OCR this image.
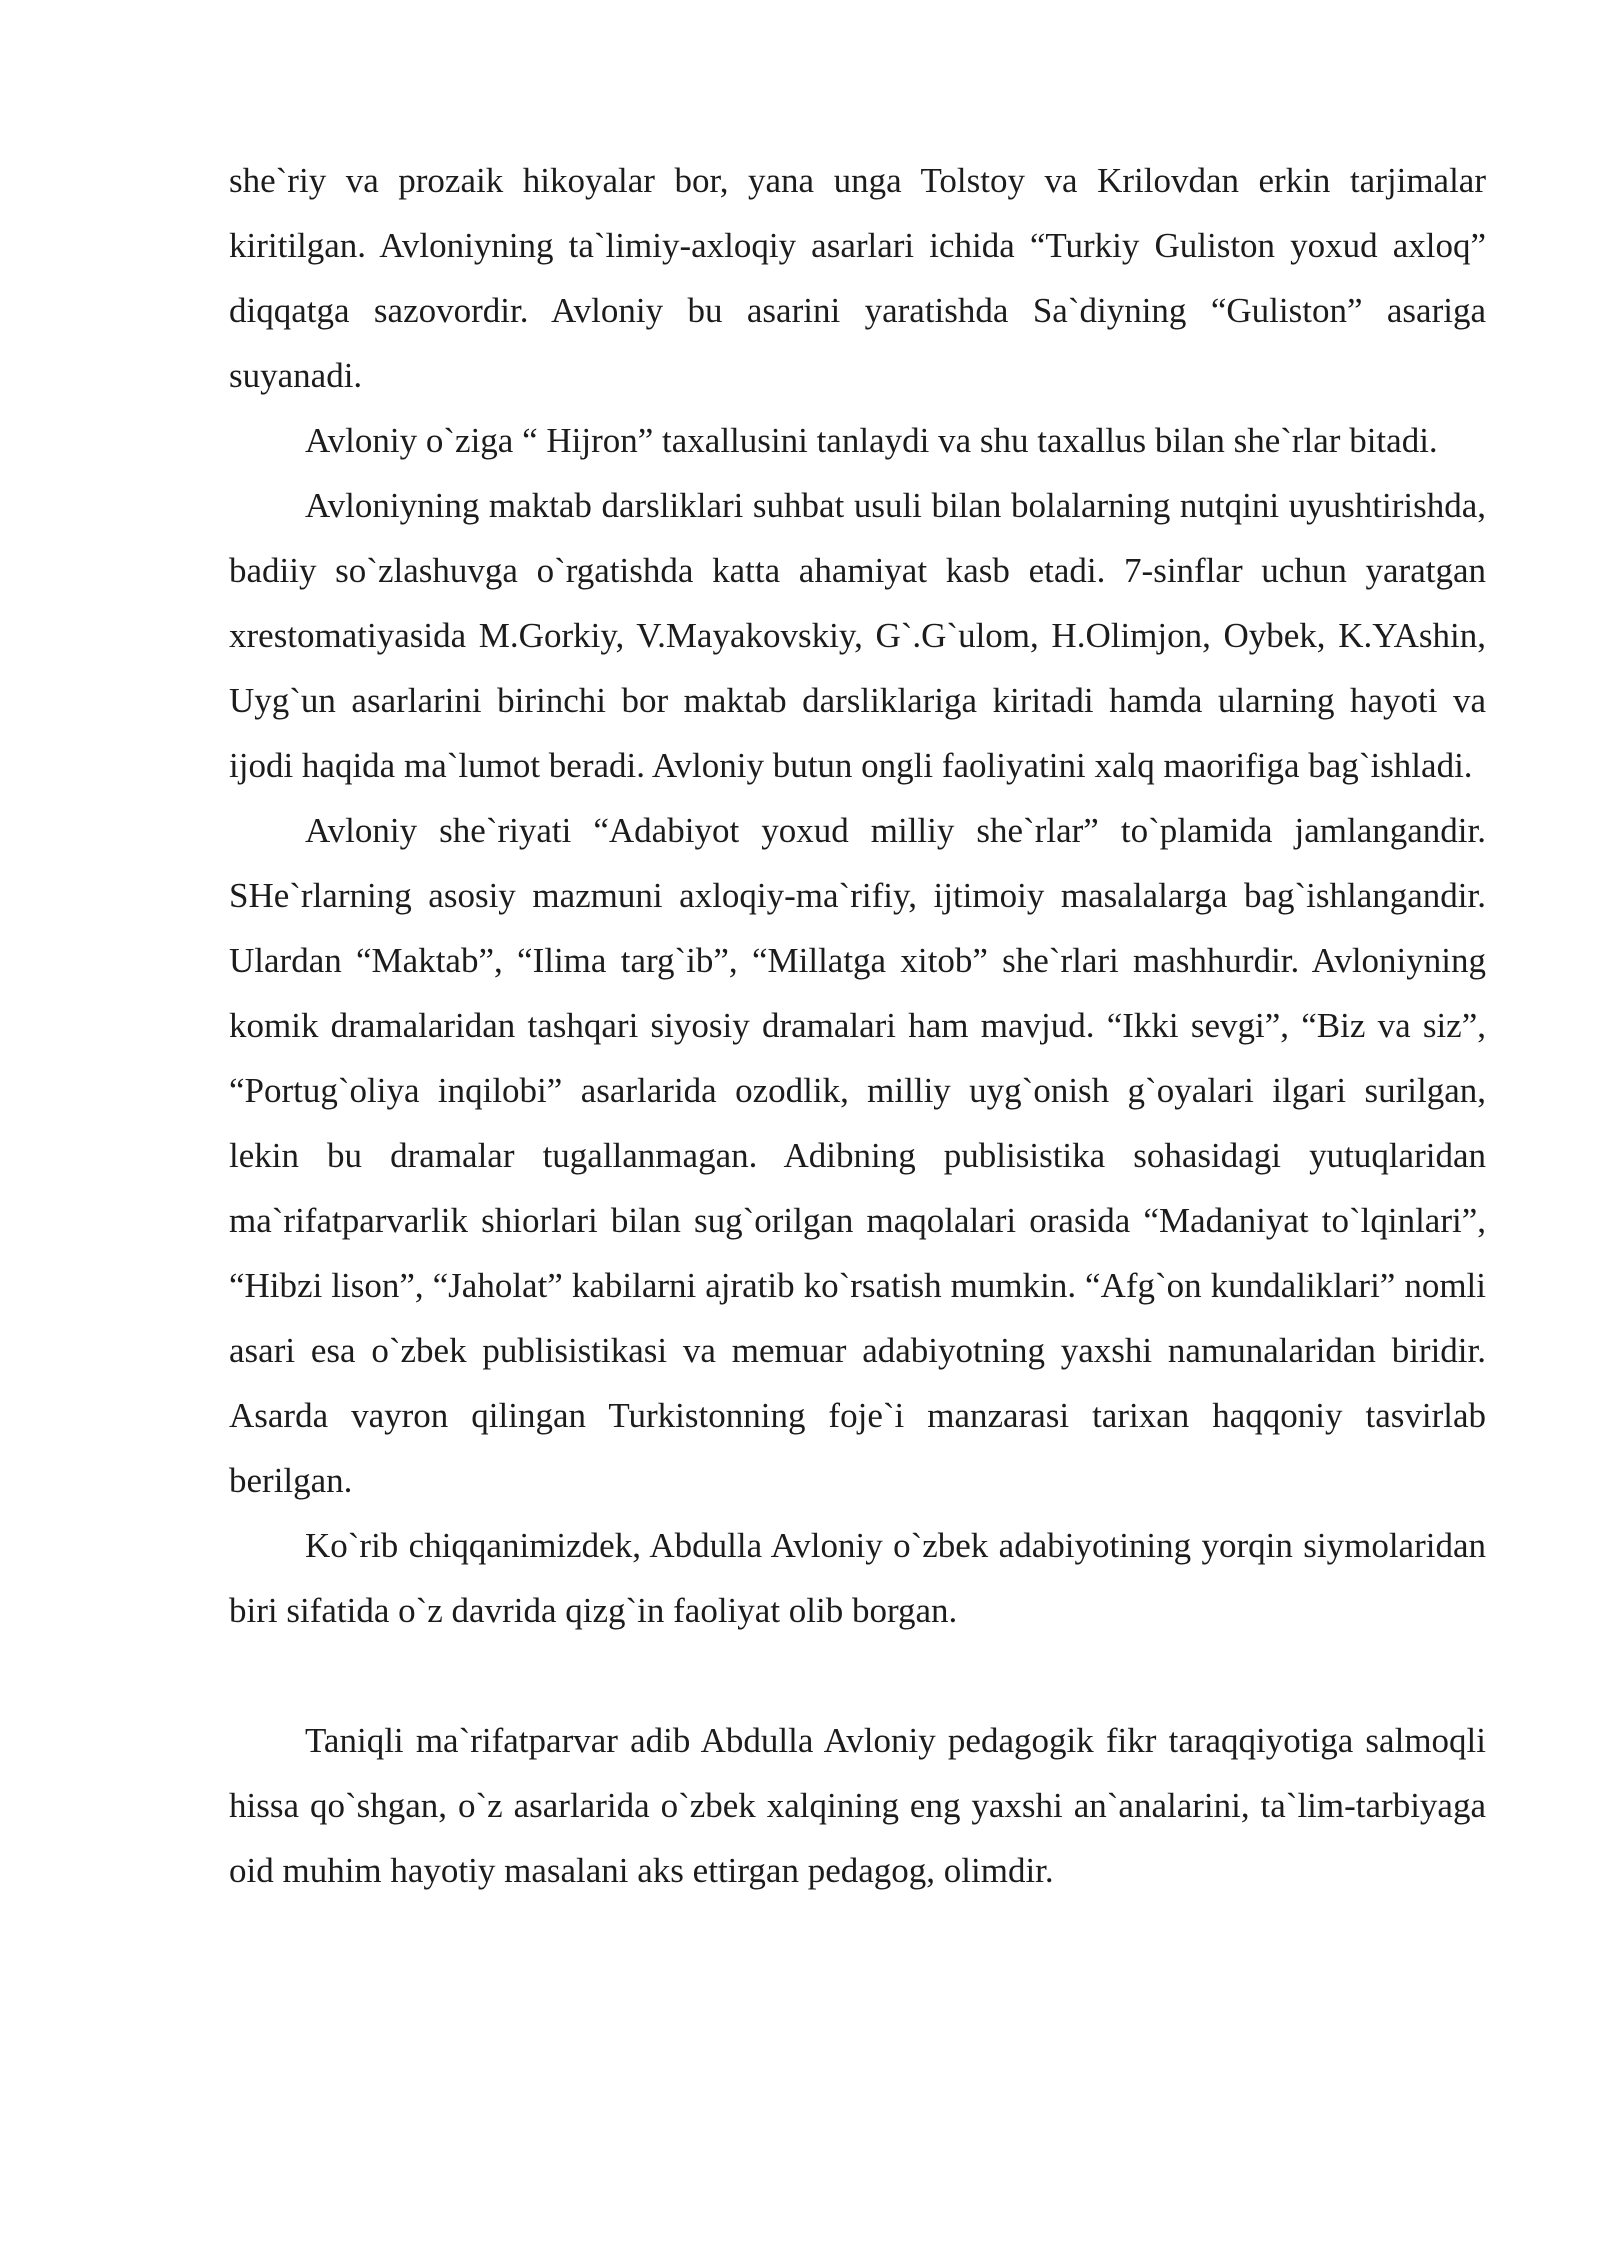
she`riy va prozaik hikoyalar bor, yana unga Tolstoy va Krilovdan erkin tarjimalar kiritilgan. Avloniyning ta`limiy-axloqiy asarlari ichida “Turkiy Guliston yoxud axloq” diqqatga sazovordir. Avloniy bu asarini yaratishda Sa`diyning “Guliston” asariga suyanadi.

Avloniy o`ziga “ Hijron” taxallusini tanlaydi va shu taxallus bilan she`rlar bitadi.

Avloniyning maktab darsliklari suhbat usuli bilan bolalarning nutqini uyushtirishda, badiiy so`zlashuvga o`rgatishda katta ahamiyat kasb etadi. 7-sinflar uchun yaratgan xrestomatiyasida M.Gorkiy, V.Mayakovskiy, G`.G`ulom, H.Olimjon, Oybek, K.YAshin, Uyg`un asarlarini birinchi bor maktab darsliklariga kiritadi hamda ularning hayoti va ijodi haqida ma`lumot beradi. Avloniy butun ongli faoliyatini xalq maorifiga bag`ishladi.

Avloniy she`riyati “Adabiyot yoxud milliy she`rlar” to`plamida jamlangandir. SHe`rlarning asosiy mazmuni axloqiy-ma`rifiy, ijtimoiy masalalarga bag`ishlangandir. Ulardan “Maktab”, “Ilima targ`ib”, “Millatga xitob” she`rlari mashhurdir. Avloniyning komik dramalaridan tashqari siyosiy dramalari ham mavjud. “Ikki sevgi”, “Biz va siz”, “Portug`oliya inqilobi” asarlarida ozodlik, milliy uyg`onish g`oyalari ilgari surilgan, lekin bu dramalar tugallanmagan. Adibning publisistika sohasidagi yutuqlaridan ma`rifatparvarlik shiorlari bilan sug`orilgan maqolalari orasida “Madaniyat to`lqinlari”, “Hibzi lison”, “Jaholat” kabilarni ajratib ko`rsatish mumkin. “Afg`on kundaliklari” nomli asari esa o`zbek publisistikasi va memuar adabiyotning yaxshi namunalaridan biridir. Asarda vayron qilingan Turkistonning foje`i manzarasi tarixan haqqoniy tasvirlab berilgan.

Ko`rib chiqqanimizdek, Abdulla Avloniy o`zbek adabiyotining yorqin siymolaridan biri sifatida o`z davrida qizg`in faoliyat olib borgan.

Taniqli ma`rifatparvar adib Abdulla Avloniy pedagogik fikr taraqqiyotiga salmoqli hissa qo`shgan, o`z asarlarida o`zbek xalqining eng yaxshi an`analarini, ta`lim-tarbiyaga oid muhim hayotiy masalani aks ettirgan pedagog, olimdir.
